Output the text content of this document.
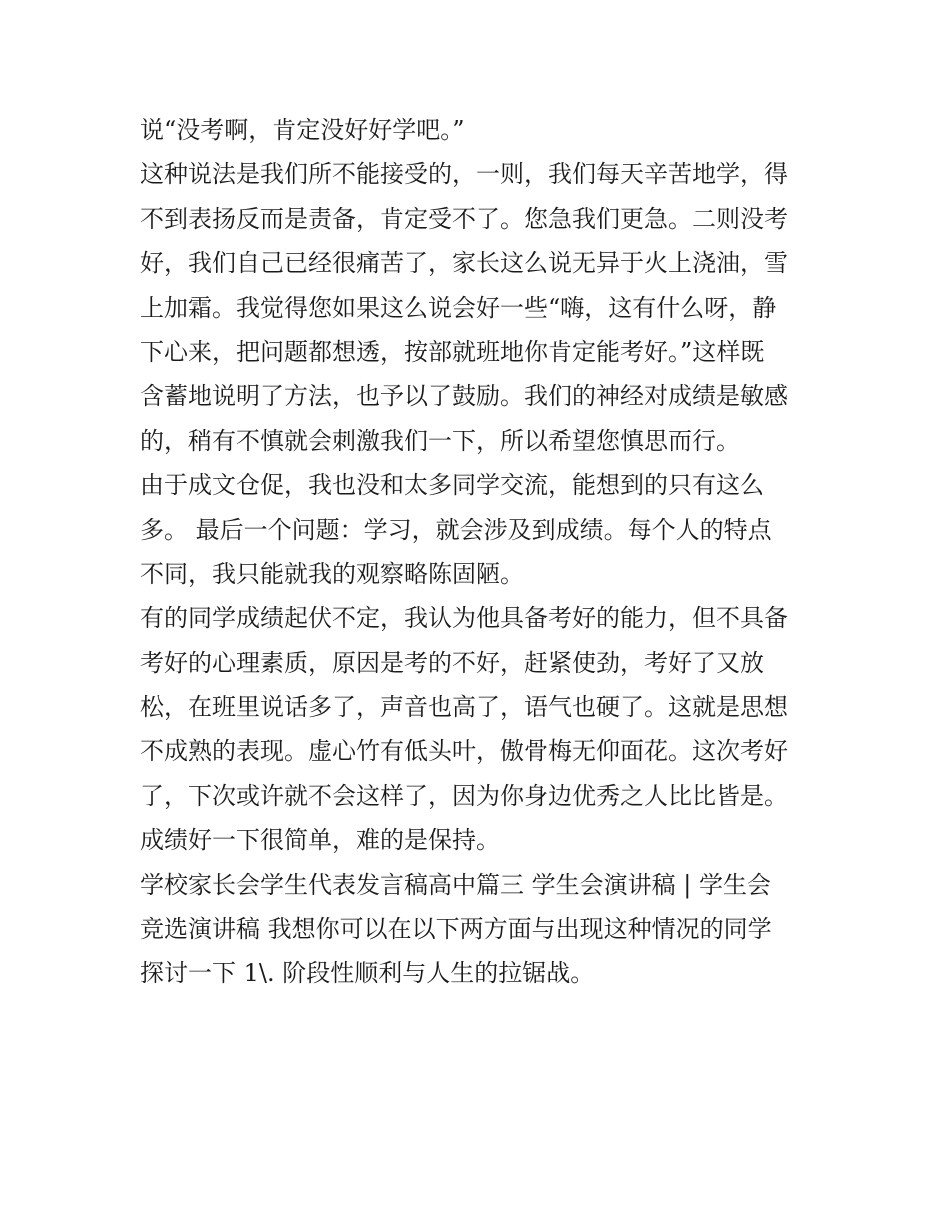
说“没考啊，肯定没好好学吧。”
这种说法是我们所不能接受的，一则，我们每天辛苦地学，得
不到表扬反而是责备，肯定受不了。您急我们更急。二则没考
好，我们自己已经很痛苦了，家长这么说无异于火上浇油，雪
上加霜。我觉得您如果这么说会好一些“嗨，这有什么呀，静
下心来，把问题都想透，按部就班地你肯定能考好。”这样既
含蓄地说明了方法，也予以了鼓励。我们的神经对成绩是敏感
的，稍有不慎就会刺激我们一下，所以希望您慎思而行。
由于成文仓促，我也没和太多同学交流，能想到的只有这么
多。 最后一个问题：学习，就会涉及到成绩。每个人的特点
不同，我只能就我的观察略陈固陋。
有的同学成绩起伏不定，我认为他具备考好的能力，但不具备
考好的心理素质，原因是考的不好，赶紧使劲，考好了又放
松，在班里说话多了，声音也高了，语气也硬了。这就是思想
不成熟的表现。虚心竹有低头叶，傲骨梅无仰面花。这次考好
了，下次或许就不会这样了，因为你身边优秀之人比比皆是。
成绩好一下很简单，难的是保持。
学校家长会学生代表发言稿高中篇三 学生会演讲稿 | 学生会
竞选演讲稿 我想你可以在以下两方面与出现这种情况的同学
探讨一下 1\. 阶段性顺利与人生的拉锯战。
